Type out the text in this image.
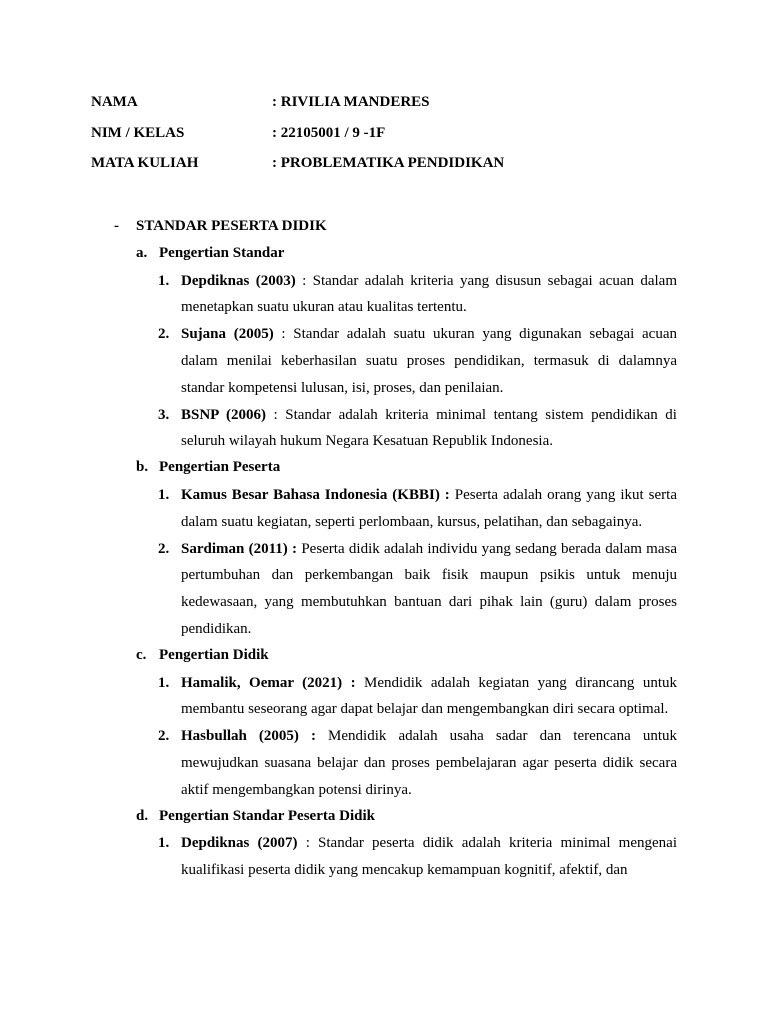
NAMA	: RIVILIA MANDERES
NIM / KELAS	: 22105001 / 9 -1F
MATA KULIAH	: PROBLEMATIKA PENDIDIKAN
- STANDAR PESERTA DIDIK
a. Pengertian Standar
1. Depdiknas (2003) : Standar adalah kriteria yang disusun sebagai acuan dalam menetapkan suatu ukuran atau kualitas tertentu.
2. Sujana (2005) : Standar adalah suatu ukuran yang digunakan sebagai acuan dalam menilai keberhasilan suatu proses pendidikan, termasuk di dalamnya standar kompetensi lulusan, isi, proses, dan penilaian.
3. BSNP (2006) : Standar adalah kriteria minimal tentang sistem pendidikan di seluruh wilayah hukum Negara Kesatuan Republik Indonesia.
b. Pengertian Peserta
1. Kamus Besar Bahasa Indonesia (KBBI) : Peserta adalah orang yang ikut serta dalam suatu kegiatan, seperti perlombaan, kursus, pelatihan, dan sebagainya.
2. Sardiman (2011) : Peserta didik adalah individu yang sedang berada dalam masa pertumbuhan dan perkembangan baik fisik maupun psikis untuk menuju kedewasaan, yang membutuhkan bantuan dari pihak lain (guru) dalam proses pendidikan.
c. Pengertian Didik
1. Hamalik, Oemar (2021) : Mendidik adalah kegiatan yang dirancang untuk membantu seseorang agar dapat belajar dan mengembangkan diri secara optimal.
2. Hasbullah (2005) : Mendidik adalah usaha sadar dan terencana untuk mewujudkan suasana belajar dan proses pembelajaran agar peserta didik secara aktif mengembangkan potensi dirinya.
d. Pengertian Standar Peserta Didik
1. Depdiknas (2007) : Standar peserta didik adalah kriteria minimal mengenai kualifikasi peserta didik yang mencakup kemampuan kognitif, afektif, dan
